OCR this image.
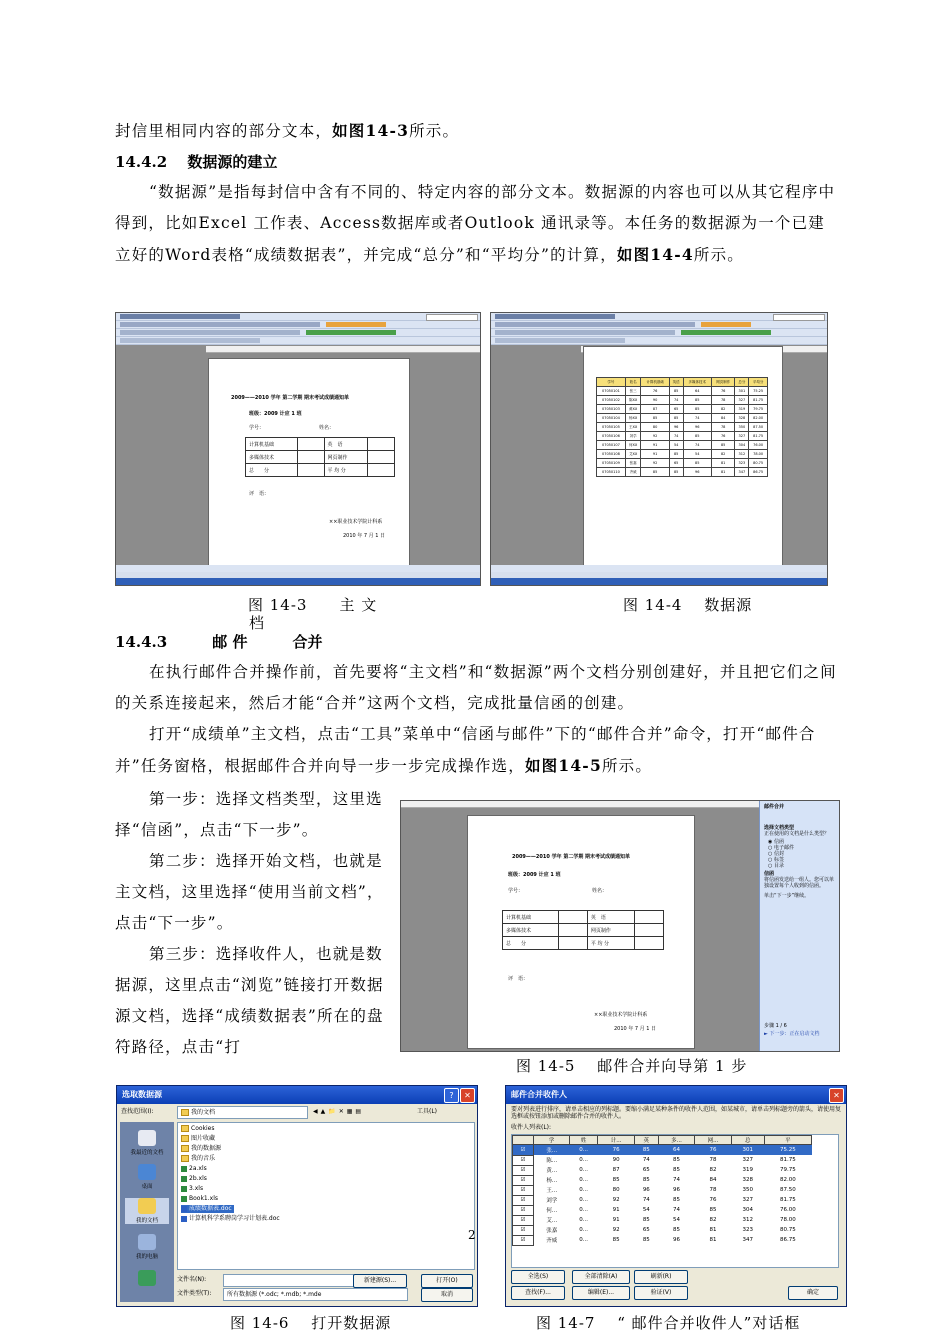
封信里相同内容的部分文本，如图14-3所示。

14.4.2　 数据源的建立

“数据源”是指每封信中含有不同的、特定内容的部分文本。数据源的内容也可以从其它程序中得到，比如Excel 工作表、Access数据库或者Outlook 通讯录等。本任务的数据源为一个已建立好的Word表格“成绩数据表”，并完成“总分”和“平均分”的计算，如图14-4所示。

2009——2010 学年 第二学期 期末考试成绩通知单
班级：2009 计应 1 班
学号：	姓名：
计算机基础		英　语	
多媒体技术		网页制作	
总　　分		平 均 分	
评　语：
××职业技术学院计科系
2010 年 7 月 1 日
学号	姓名	计算机基础	英语	多媒体技术	网页制作	总分	平均分
07050101	张三	76	85	64	76	301	75.25
07050102	陈XX	90	74	85	78	327	81.75
07050103	黄XX	87	65	85	82	319	79.75
07050104	杨XX	85	85	74	84	328	82.00
07050105	王XX	80	96	96	78	350	87.50
07050106	刘学	92	74	85	76	327	81.75
07050107	何XX	91	54	74	85	304	76.00
07050108	艾XX	91	85	54	82	312	78.00
07050109	张嘉	92	65	85	81	323	80.75
07050110	齐威	85	85	96	81	347	86.75
图 14-3　　 主 文
档
图 14-4　 数据源
14.4.3　　　	邮 件　　　	合并

在执行邮件合并操作前，首先要将“主文档”和“数据源”两个文档分别创建好，并且把它们之间的关系连接起来，然后才能“合并”这两个文档，完成批量信函的创建。

打开“成绩单”主文档，点击“工具”菜单中“信函与邮件”下的“邮件合并”命令，打开“邮件合并”任务窗格，根据邮件合并向导一步一步完成操作选，如图14-5所示。

第一步：选择文档类型，这里选择“信函”，点击“下一步”。

第二步：选择开始文档，也就是主文档，这里选择“使用当前文档”，点击“下一步”。

第三步：选择收件人，也就是数据源，这里点击“浏览”链接打开数据源文档，选择“成绩数据表”所在的盘符路径，点击“打

2009——2010 学年 第二学期 期末考试成绩通知单
班级：2009 计应 1 班
学号：	姓名：
计算机基础		英　语	
多媒体技术		网页制作	
总　　分		平 均 分	
评　语：
××职业技术学院计科系
2010 年 7 月 1 日
邮件合并
选择文档类型
正在使用的文档是什么类型？
◉ 信函
○ 电子邮件
○ 信封
○ 标签
○ 目录
信函
将信函发送给一组人。您可以单独设置每个人收到的信函。
单击“下一步”继续。
步骤 1 / 6
► 下一步：正在启动文档
图 14-5　 邮件合并向导第 1 步
选取数据源	?	✕
查找范围(I):	我的文档	◀▲📁✕▦▤	工具(L)
我最近的文档
桌面
我的文档
我的电脑
Cookies
图片收藏
我的数据源
我的音乐
2a.xls
2b.xls
3.xls
Book1.xls
成绩数据表.doc
计算机科学系聘岗学习计划表.doc
文件名(N):	新建源(S)...	打开(O)
文件类型(T):	所有数据源 (*.odc; *.mdb; *.mde	取消
邮件合并收件人	✕
要对列表进行排序，请单击相应的列标题。要缩小满足某种条件的收件人范围，如某城市，请单击列标题旁的箭头，请使用复选框或按钮添加或删除邮件合并的收件人。
收件人列表(L):
	学	姓	计...	英	多...	网...	总	平
☑	张...	0...	76	85	64	76	301	75.25
☑	陈...	0...	90	74	85	78	327	81.75
☑	黄...	0...	87	65	85	82	319	79.75
☑	杨...	0...	85	85	74	84	328	82.00
☑	王...	0...	80	96	96	78	350	87.50
☑	刘学	0...	92	74	85	76	327	81.75
☑	何...	0...	91	54	74	85	304	76.00
☑	艾...	0...	91	85	54	82	312	78.00
☑	张嘉	0...	92	65	85	81	323	80.75
☑	齐威	0...	85	85	96	81	347	86.75
全选(S)	全部清除(A)	刷新(R)
查找(F)...	编辑(E)...	验证(V)	确定
2
图 14-6　 打开数据源	图 14-7　 “ 邮件合并收件人”对话框
